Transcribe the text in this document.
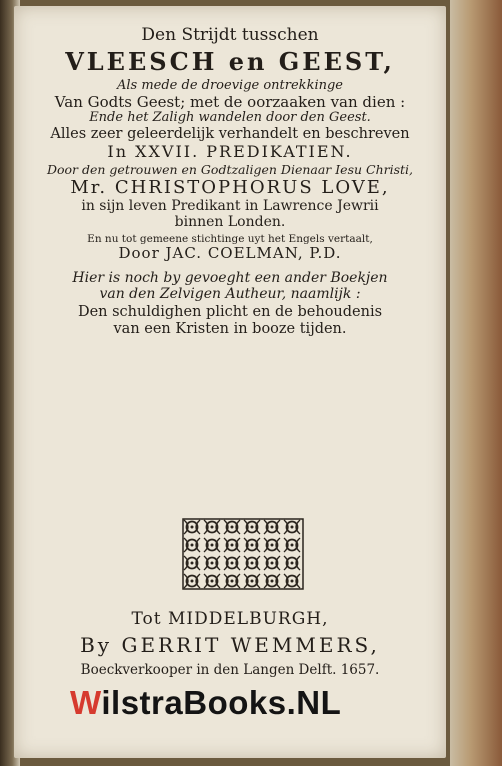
Den Strijdt tusschen
VLEESCH en GEEST,
Als mede de droevige ontrekkinge
Van Godts Geest; met de oorzaaken van dien :
Ende het Zaligh wandelen door den Geest.
Alles zeer geleerdelijk verhandelt en beschreven
In XXVII. PREDIKATIEN.
Door den getrouwen en Godtzaligen Dienaar Iesu Christi,
Mr. CHRISTOPHORUS LOVE,
in sijn leven Predikant in Lawrence Jewrii
binnen Londen.
En nu tot gemeene stichtinge uyt het Engels vertaalt,
Door JAC. COELMAN, P.D.
Hier is noch by gevoeght een ander Boekjen
van den Zelvigen Autheur, naamlijk :
Den schuldighen plicht en de behoudenis
van een Kristen in booze tijden.
Tot MIDDELBURGH,
By GERRIT WEMMERS,
Boeckverkooper in den Langen Delft. 1657.
WilstraBooks.NL
